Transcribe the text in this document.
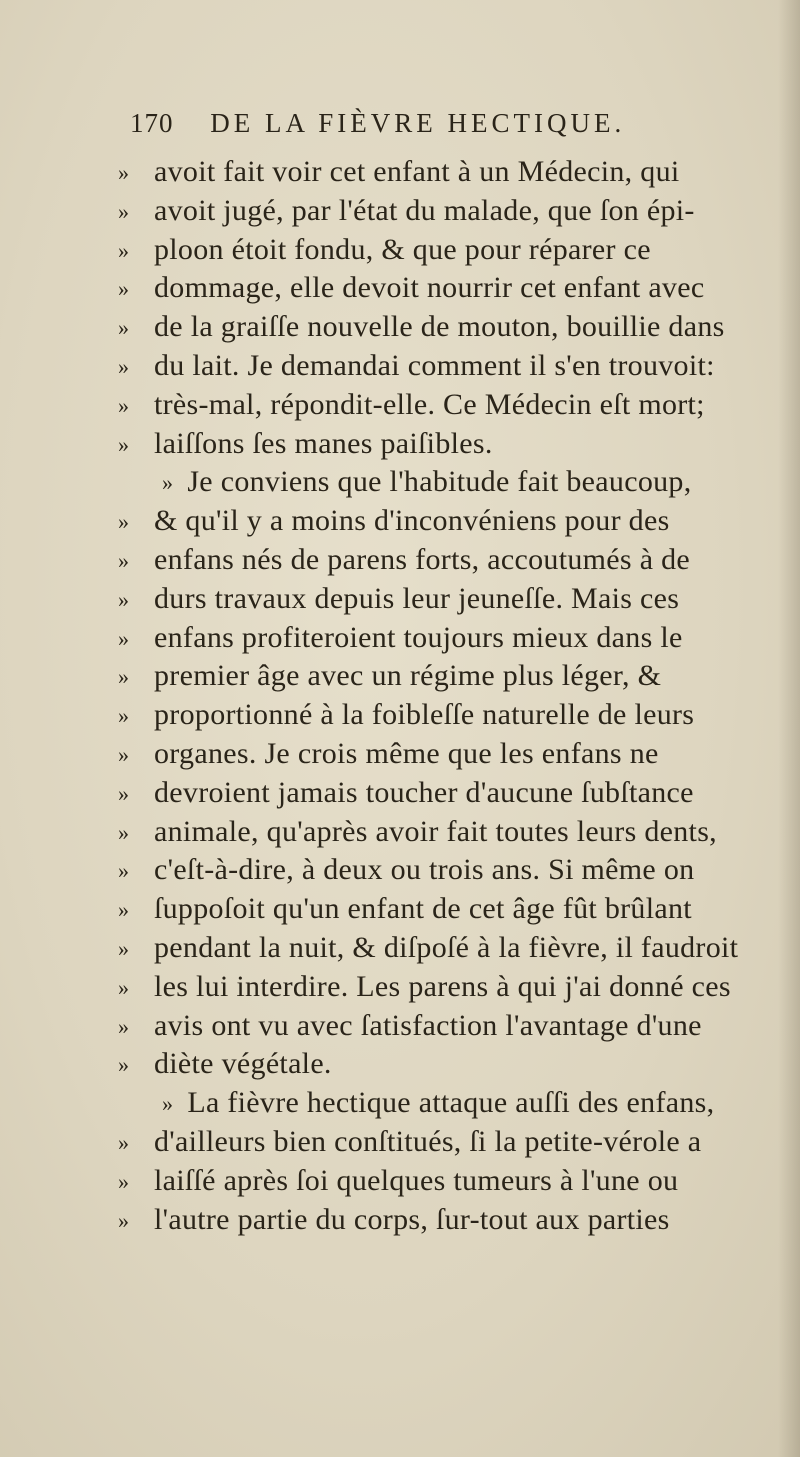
170 DE LA FIÈVRE HECTIQUE.
» avoit fait voir cet enfant à un Médecin, qui
» avoit jugé, par l'état du malade, que ſon épi-
» ploon étoit fondu, & que pour réparer ce
» dommage, elle devoit nourrir cet enfant avec
» de la graiſſe nouvelle de mouton, bouillie dans
» du lait. Je demandai comment il s'en trouvoit:
» très-mal, répondit-elle. Ce Médecin eſt mort;
» laiſſons ſes manes paiſibles.
» Je conviens que l'habitude fait beaucoup,
» & qu'il y a moins d'inconvéniens pour des
» enfans nés de parens forts, accoutumés à de
» durs travaux depuis leur jeuneſſe. Mais ces
» enfans profiteroient toujours mieux dans le
» premier âge avec un régime plus léger, &
» proportionné à la foibleſſe naturelle de leurs
» organes. Je crois même que les enfans ne
» devroient jamais toucher d'aucune ſubſtance
» animale, qu'après avoir fait toutes leurs dents,
» c'eſt-à-dire, à deux ou trois ans. Si même on
» ſuppoſoit qu'un enfant de cet âge fût brûlant
» pendant la nuit, & diſpoſé à la fièvre, il faudroit
» les lui interdire. Les parens à qui j'ai donné ces
» avis ont vu avec ſatisfaction l'avantage d'une
» diète végétale.
» La fièvre hectique attaque auſſi des enfans,
» d'ailleurs bien conſtitués, ſi la petite-vérole a
» laiſſé après ſoi quelques tumeurs à l'une ou
» l'autre partie du corps, ſur-tout aux parties
